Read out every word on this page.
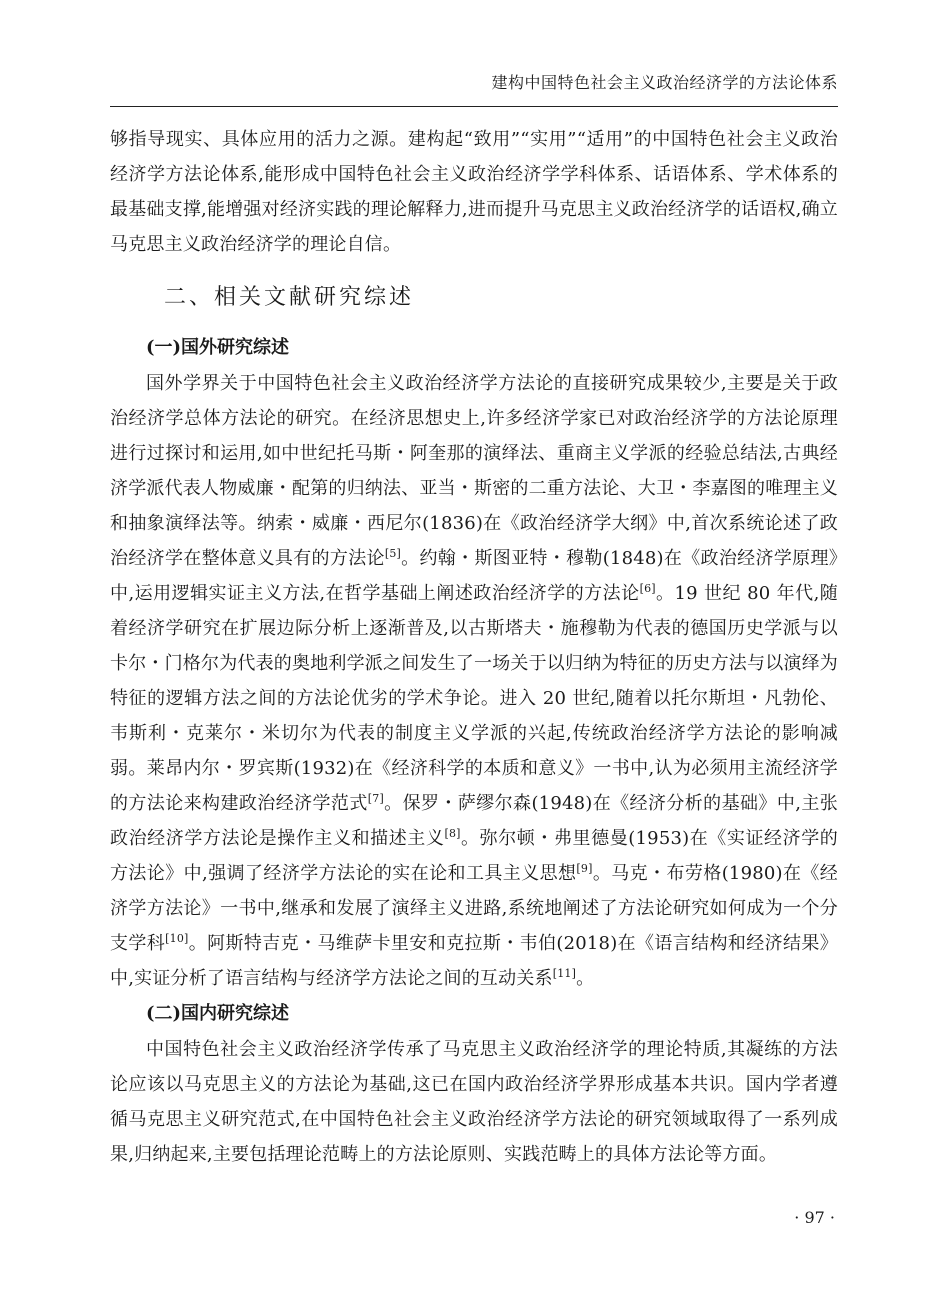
建构中国特色社会主义政治经济学的方法论体系

够指导现实、具体应用的活力之源。建构起“致用”“实用”“适用”的中国特色社会主义政治经济学方法论体系,能形成中国特色社会主义政治经济学学科体系、话语体系、学术体系的最基础支撑,能增强对经济实践的理论解释力,进而提升马克思主义政治经济学的话语权,确立马克思主义政治经济学的理论自信。

二、相关文献研究综述
(一)国外研究综述

国外学界关于中国特色社会主义政治经济学方法论的直接研究成果较少,主要是关于政治经济学总体方法论的研究。在经济思想史上,许多经济学家已对政治经济学的方法论原理进行过探讨和运用,如中世纪托马斯・阿奎那的演绎法、重商主义学派的经验总结法,古典经济学派代表人物威廉・配第的归纳法、亚当・斯密的二重方法论、大卫・李嘉图的唯理主义和抽象演绎法等。纳索・威廉・西尼尔(1836)在《政治经济学大纲》中,首次系统论述了政治经济学在整体意义具有的方法论[5]。约翰・斯图亚特・穆勒(1848)在《政治经济学原理》中,运用逻辑实证主义方法,在哲学基础上阐述政治经济学的方法论[6]。19 世纪 80 年代,随着经济学研究在扩展边际分析上逐渐普及,以古斯塔夫・施穆勒为代表的德国历史学派与以卡尔・门格尔为代表的奥地利学派之间发生了一场关于以归纳为特征的历史方法与以演绎为特征的逻辑方法之间的方法论优劣的学术争论。进入 20 世纪,随着以托尔斯坦・凡勃伦、韦斯利・克莱尔・米切尔为代表的制度主义学派的兴起,传统政治经济学方法论的影响减弱。莱昂内尔・罗宾斯(1932)在《经济科学的本质和意义》一书中,认为必须用主流经济学的方法论来构建政治经济学范式[7]。保罗・萨缪尔森(1948)在《经济分析的基础》中,主张政治经济学方法论是操作主义和描述主义[8]。弥尔顿・弗里德曼(1953)在《实证经济学的方法论》中,强调了经济学方法论的实在论和工具主义思想[9]。马克・布劳格(1980)在《经济学方法论》一书中,继承和发展了演绎主义进路,系统地阐述了方法论研究如何成为一个分支学科[10]。阿斯特吉克・马维萨卡里安和克拉斯・韦伯(2018)在《语言结构和经济结果》中,实证分析了语言结构与经济学方法论之间的互动关系[11]。

(二)国内研究综述

中国特色社会主义政治经济学传承了马克思主义政治经济学的理论特质,其凝练的方法论应该以马克思主义的方法论为基础,这已在国内政治经济学界形成基本共识。国内学者遵循马克思主义研究范式,在中国特色社会主义政治经济学方法论的研究领域取得了一系列成果,归纳起来,主要包括理论范畴上的方法论原则、实践范畴上的具体方法论等方面。

· 97 ·
